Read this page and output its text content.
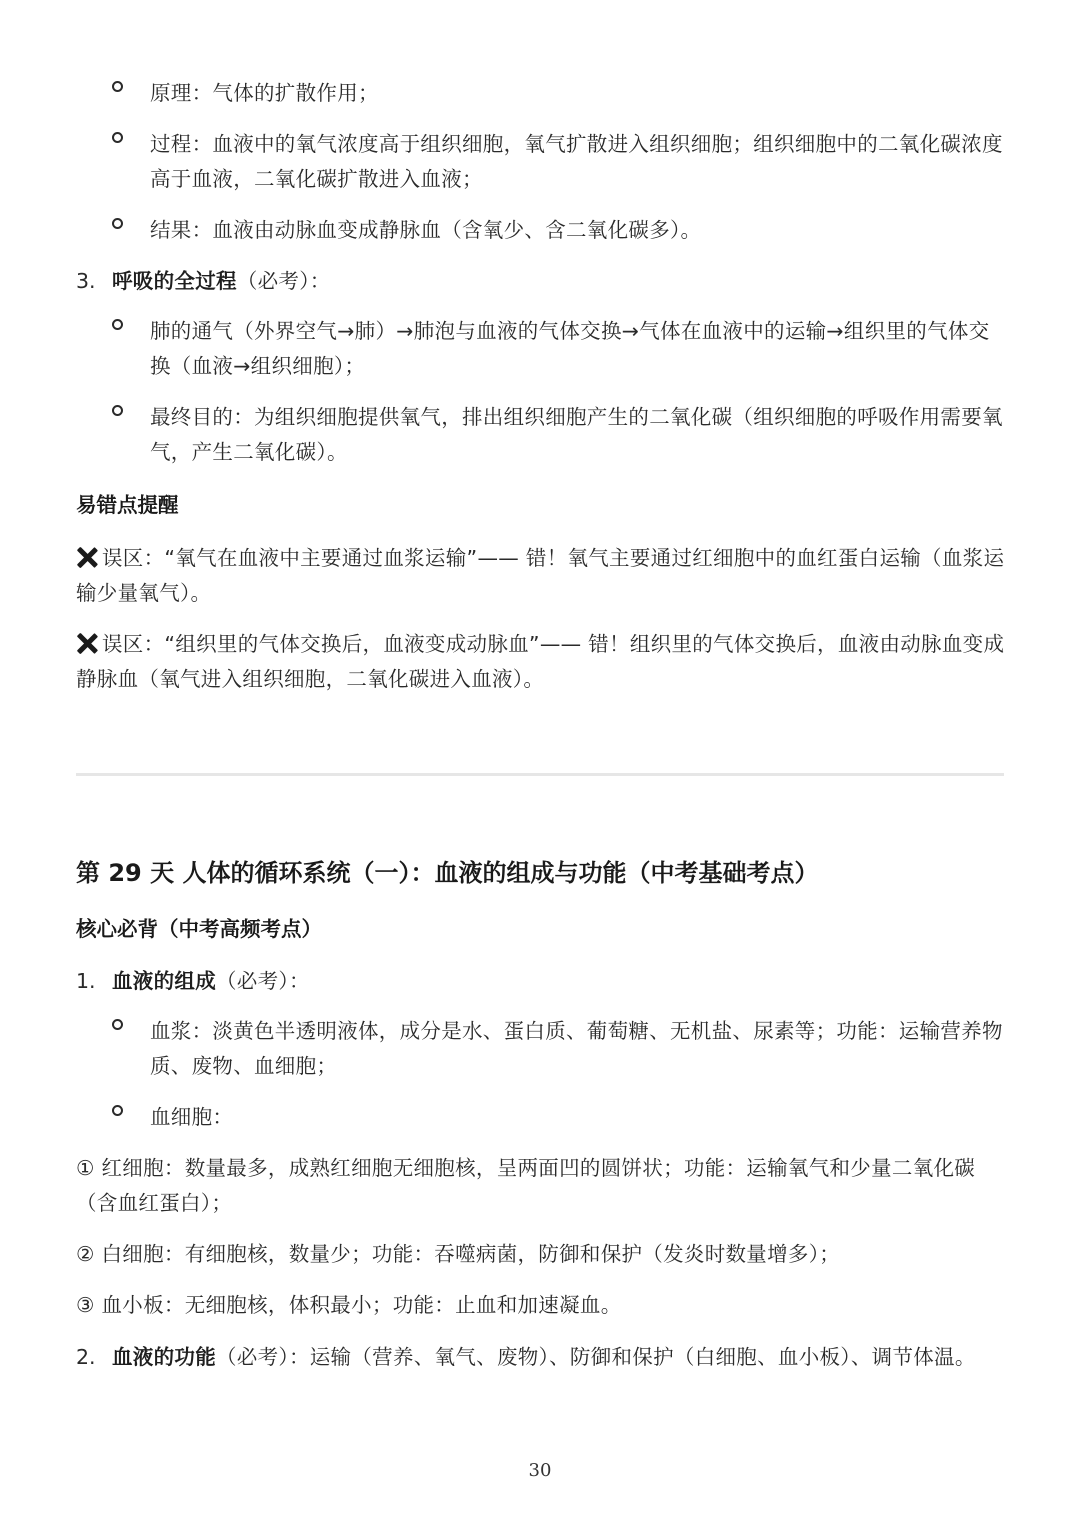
原理：气体的扩散作用；
过程：血液中的氧气浓度高于组织细胞，氧气扩散进入组织细胞；组织细胞中的二氧化碳浓度高于血液，二氧化碳扩散进入血液；
结果：血液由动脉血变成静脉血（含氧少、含二氧化碳多）。
3. 呼吸的全过程（必考）：
肺的通气（外界空气→肺）→肺泡与血液的气体交换→气体在血液中的运输→组织里的气体交换（血液→组织细胞）；
最终目的：为组织细胞提供氧气，排出组织细胞产生的二氧化碳（组织细胞的呼吸作用需要氧气，产生二氧化碳）。
易错点提醒
误区：“氧气在血液中主要通过血浆运输”—— 错！氧气主要通过红细胞中的血红蛋白运输（血浆运输少量氧气）。
误区：“组织里的气体交换后，血液变成动脉血”—— 错！组织里的气体交换后，血液由动脉血变成静脉血（氧气进入组织细胞，二氧化碳进入血液）。
第 29 天 人体的循环系统（一）：血液的组成与功能（中考基础考点）
核心必背（中考高频考点）
1. 血液的组成（必考）：
血浆：淡黄色半透明液体，成分是水、蛋白质、葡萄糖、无机盐、尿素等；功能：运输营养物质、废物、血细胞；
血细胞：
① 红细胞：数量最多，成熟红细胞无细胞核，呈两面凹的圆饼状；功能：运输氧气和少量二氧化碳（含血红蛋白）；
② 白细胞：有细胞核，数量少；功能：吞噬病菌，防御和保护（发炎时数量增多）；
③ 血小板：无细胞核，体积最小；功能：止血和加速凝血。
2. 血液的功能（必考）：运输（营养、氧气、废物）、防御和保护（白细胞、血小板）、调节体温。
30
